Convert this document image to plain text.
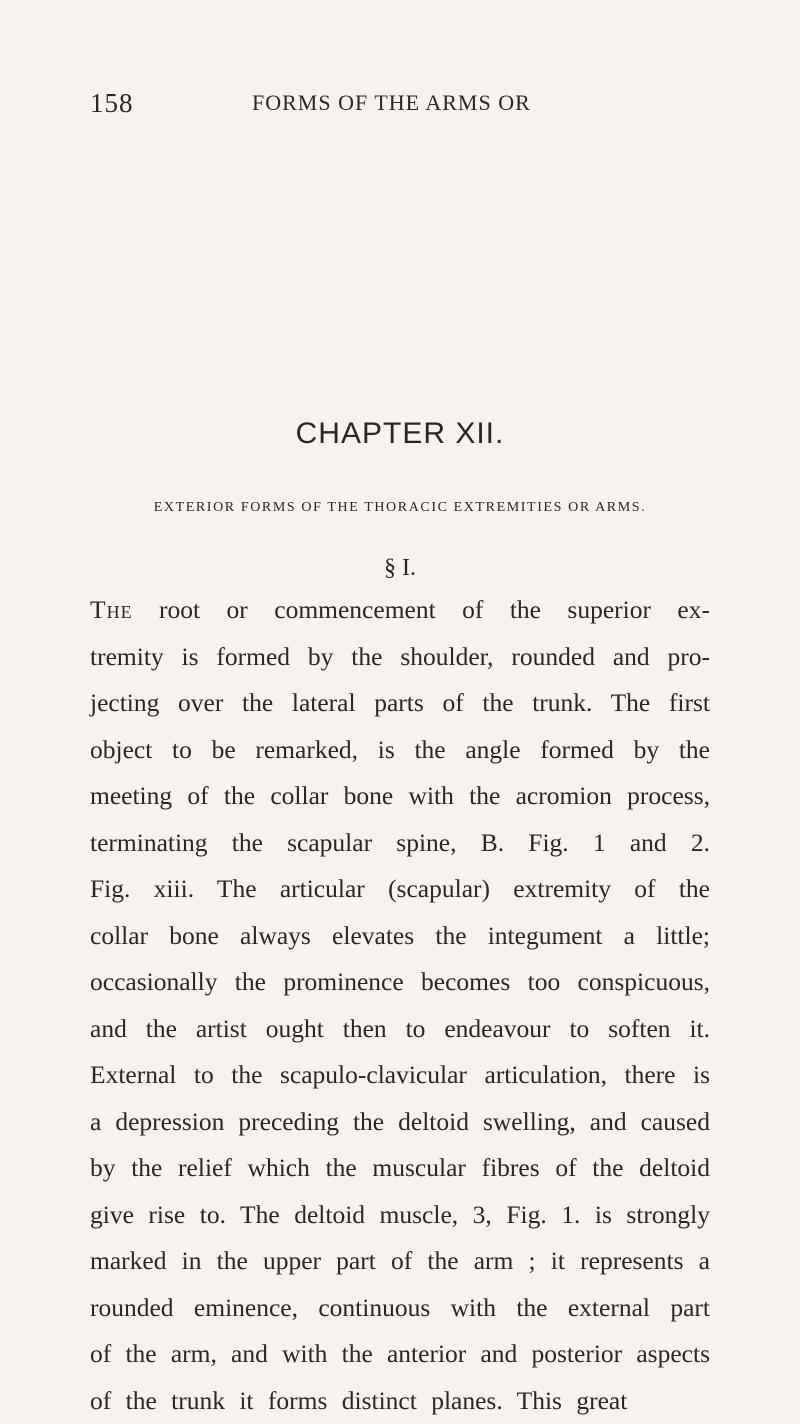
158	FORMS OF THE ARMS OR
CHAPTER XII.
EXTERIOR FORMS OF THE THORACIC EXTREMITIES OR ARMS.
§ I.
The root or commencement of the superior ex-
tremity is formed by the shoulder, rounded and pro-
jecting over the lateral parts of the trunk. The first
object to be remarked, is the angle formed by the
meeting of the collar bone with the acromion process,
terminating the scapular spine, B. Fig. 1 and 2.
Fig. xiii. The articular (scapular) extremity of the
collar bone always elevates the integument a little;
occasionally the prominence becomes too conspicuous,
and the artist ought then to endeavour to soften it.
External to the scapulo-clavicular articulation, there is
a depression preceding the deltoid swelling, and caused
by the relief which the muscular fibres of the deltoid
give rise to. The deltoid muscle, 3, Fig. 1. is strongly
marked in the upper part of the arm ; it represents a
rounded eminence, continuous with the external part
of the arm, and with the anterior and posterior aspects
of the trunk it forms distinct planes. This great
